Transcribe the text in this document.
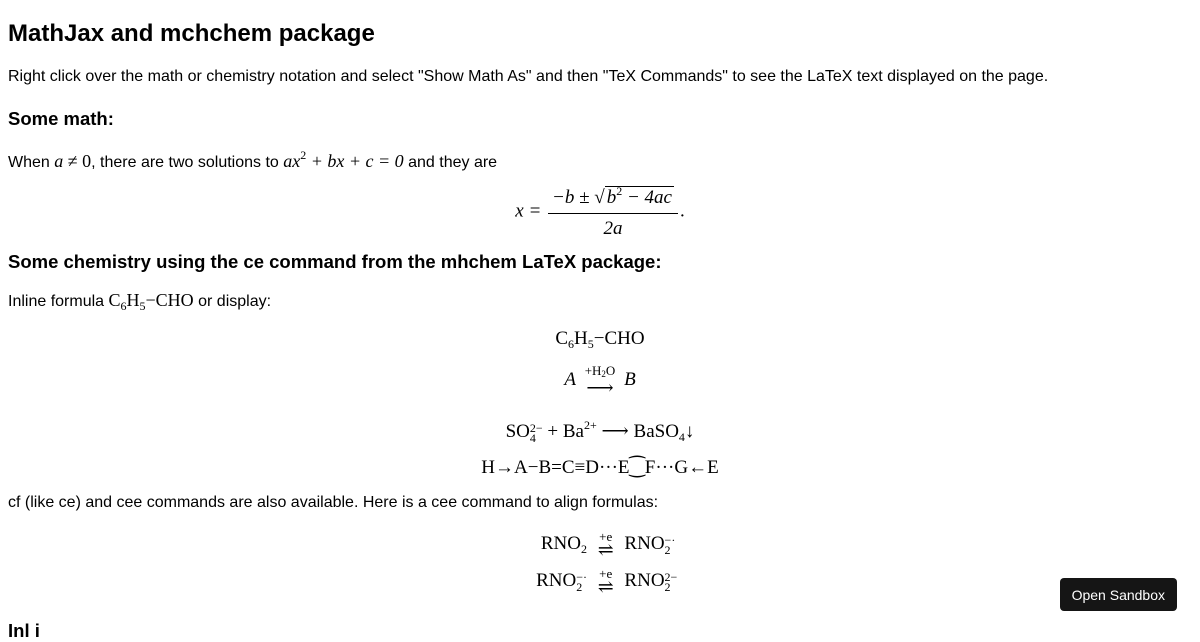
MathJax and mchchem package

Right click over the math or chemistry notation and select "Show Math As" and then "TeX Commands" to see the LaTeX text displayed on the page.

Some math:

When a ≠ 0, there are two solutions to $ax^2$ + bx + c = 0 and they are

$x = \frac{-b \pm √ b^2 - 4ac}{2a}$ .
Some chemistry using the ce command from the mhchem LaTeX package:

Inline formula $C_6H_5-CHO$ or display:

$C_6H_5-CHO$
$A +H_2O$
⟶ B
SO 2−
$4 + Ba^{2+}$ ⟶ BaSO$_4$↓
H→A−B=C≡D···E⁐F···G←E

cf (like ce) and cee commands are also available. Here is a cee command to align formulas:

$RNO_2$
+e
⇌ RNO −·
2
RNO −·
2

+e
⇌ RNO 2−
2
Inl i
Open Sandbox
